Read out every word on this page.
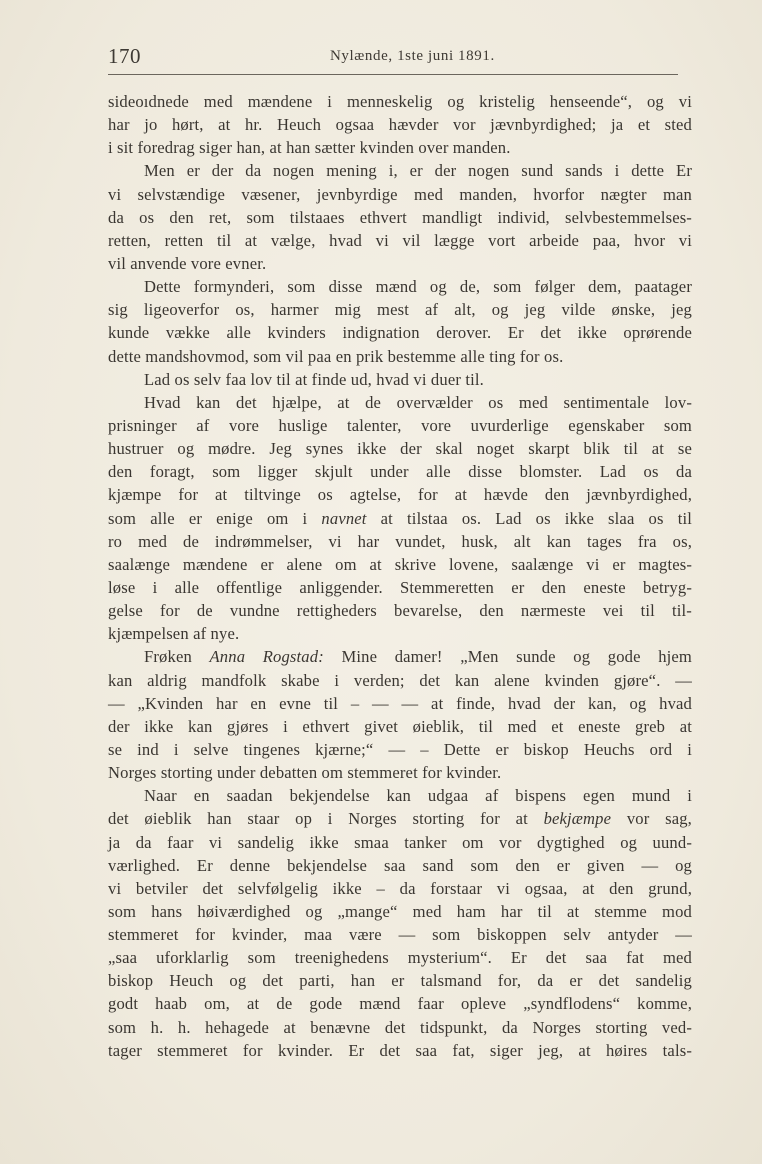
170	Nylænde, 1ste juni 1891.
sideoıdnede med mændene i menneskelig og kristelig henseende“, og vi
har jo hørt, at hr. Heuch ogsaa hævder vor jævnbyrdighed; ja et sted
i sit foredrag siger han, at han sætter kvinden over manden.
Men er der da nogen mening i, er der nogen sund sands i dette Er
vi selvstændige væsener, jevnbyrdige med manden, hvorfor nægter man
da os den ret, som tilstaaes ethvert mandligt individ, selvbestemmelses-
retten, retten til at vælge, hvad vi vil lægge vort arbeide paa, hvor vi
vil anvende vore evner.
Dette formynderi, som disse mænd og de, som følger dem, paatager
sig ligeoverfor os, harmer mig mest af alt, og jeg vilde ønske, jeg
kunde vække alle kvinders indignation derover. Er det ikke oprørende
dette mandshovmod, som vil paa en prik bestemme alle ting for os.
Lad os selv faa lov til at finde ud, hvad vi duer til.
Hvad kan det hjælpe, at de overvælder os med sentimentale lov-
prisninger af vore huslige talenter, vore uvurderlige egenskaber som
hustruer og mødre. Jeg synes ikke der skal noget skarpt blik til at se
den foragt, som ligger skjult under alle disse blomster. Lad os da
kjæmpe for at tiltvinge os agtelse, for at hævde den jævnbyrdighed,
som alle er enige om i navnet at tilstaa os. Lad os ikke slaa os til
ro med de indrømmelser, vi har vundet, husk, alt kan tages fra os,
saalænge mændene er alene om at skrive lovene, saalænge vi er magtes-
løse i alle offentlige anliggender. Stemmeretten er den eneste betryg-
gelse for de vundne rettigheders bevarelse, den nærmeste vei til til-
kjæmpelsen af nye.
Frøken Anna Rogstad: Mine damer! „Men sunde og gode hjem
kan aldrig mandfolk skabe i verden; det kan alene kvinden gjøre“. —
— „Kvinden har en evne til – — — at finde, hvad der kan, og hvad
der ikke kan gjøres i ethvert givet øieblik, til med et eneste greb at
se ind i selve tingenes kjærne;“ — – Dette er biskop Heuchs ord i
Norges storting under debatten om stemmeret for kvinder.
Naar en saadan bekjendelse kan udgaa af bispens egen mund i
det øieblik han staar op i Norges storting for at bekjæmpe vor sag,
ja da faar vi sandelig ikke smaa tanker om vor dygtighed og uund-
værlighed. Er denne bekjendelse saa sand som den er given — og
vi betviler det selvfølgelig ikke – da forstaar vi ogsaa, at den grund,
som hans høiværdighed og „mange“ med ham har til at stemme mod
stemmeret for kvinder, maa være — som biskoppen selv antyder —
„saa uforklarlig som treenighedens mysterium“. Er det saa fat med
biskop Heuch og det parti, han er talsmand for, da er det sandelig
godt haab om, at de gode mænd faar opleve „syndflodens“ komme,
som h. h. hehagede at benævne det tidspunkt, da Norges storting ved-
tager stemmeret for kvinder. Er det saa fat, siger jeg, at høires tals-
